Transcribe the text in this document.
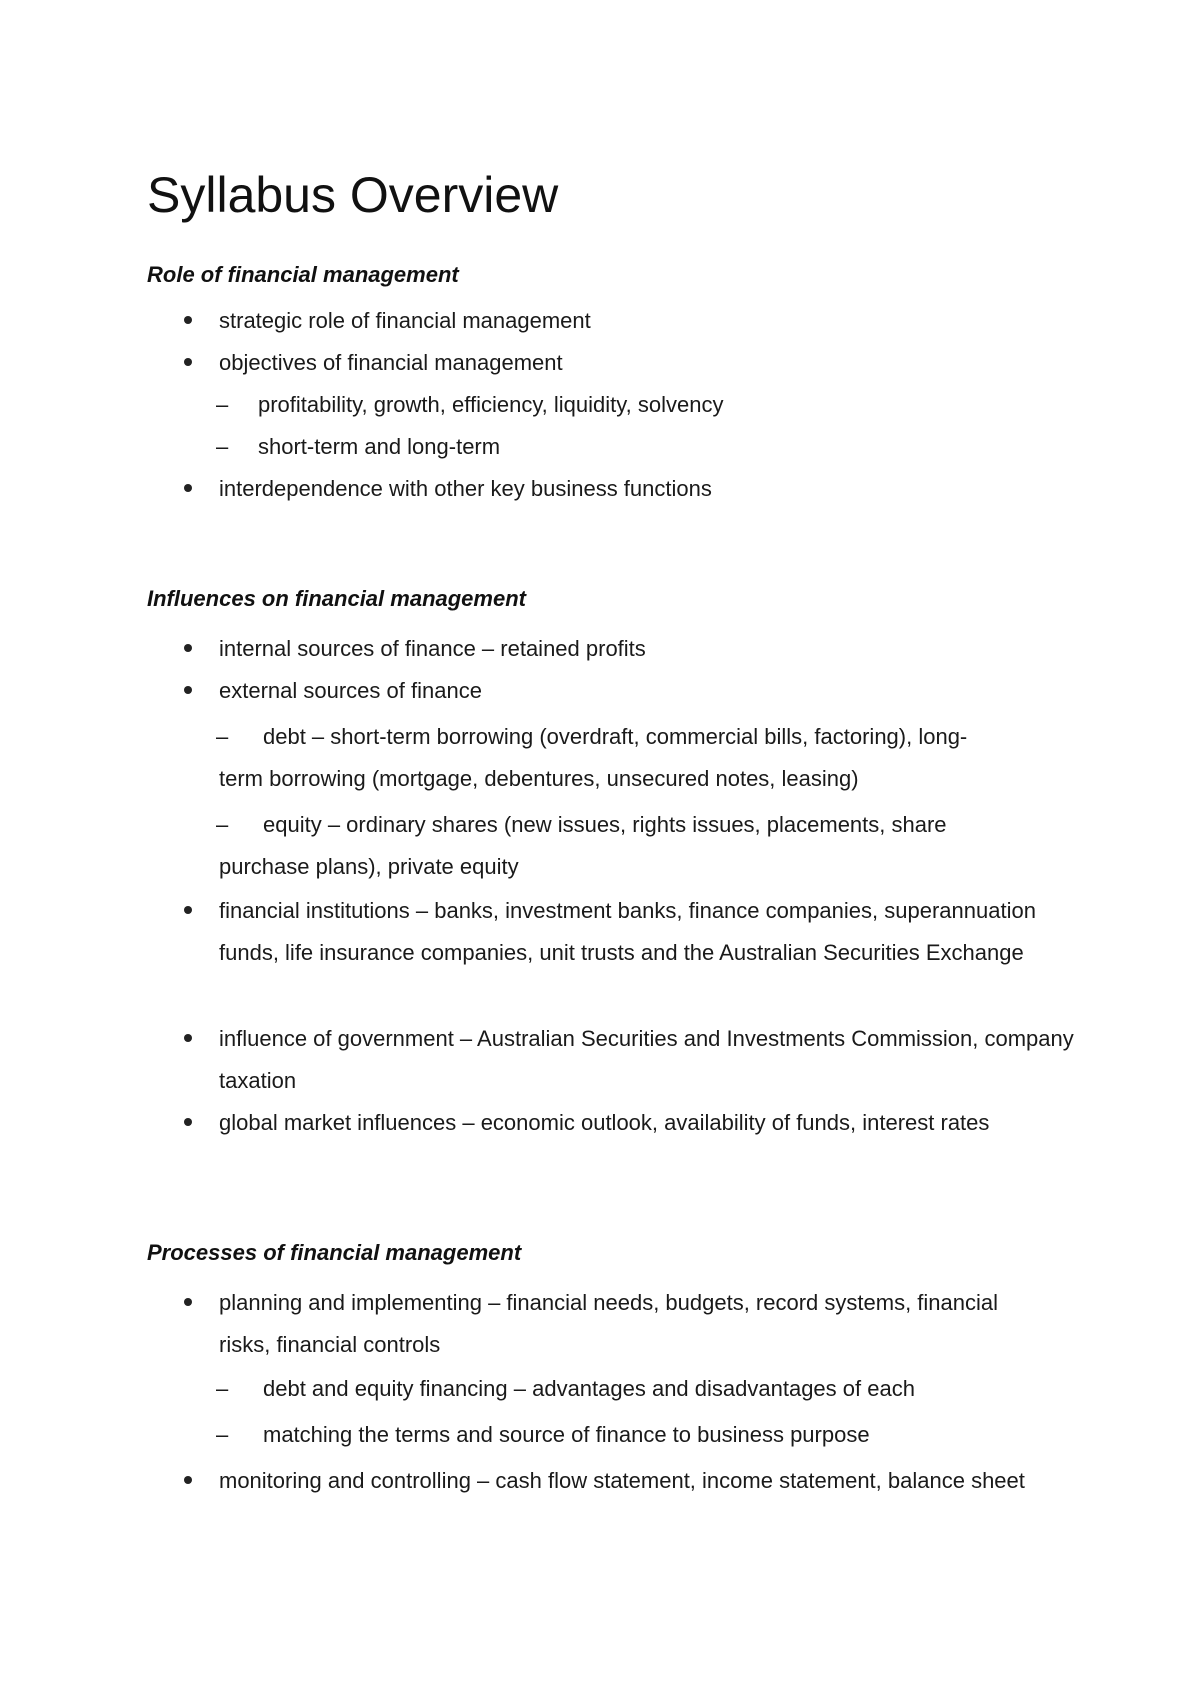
Syllabus Overview
Role of financial management
strategic role of financial management
objectives of financial management
– profitability, growth, efficiency, liquidity, solvency
– short-term and long-term
interdependence with other key business functions
Influences on financial management
internal sources of finance – retained profits
external sources of finance
– debt – short-term borrowing (overdraft, commercial bills, factoring), long-
term borrowing (mortgage, debentures, unsecured notes, leasing)
– equity – ordinary shares (new issues, rights issues, placements, share
purchase plans), private equity
financial institutions – banks, investment banks, finance companies, superannuation funds, life insurance companies, unit trusts and the Australian Securities Exchange
influence of government – Australian Securities and Investments Commission, company taxation
global market influences – economic outlook, availability of funds, interest rates
Processes of financial management
planning and implementing – financial needs, budgets, record systems, financial risks, financial controls
– debt and equity financing – advantages and disadvantages of each
– matching the terms and source of finance to business purpose
monitoring and controlling – cash flow statement, income statement, balance sheet
